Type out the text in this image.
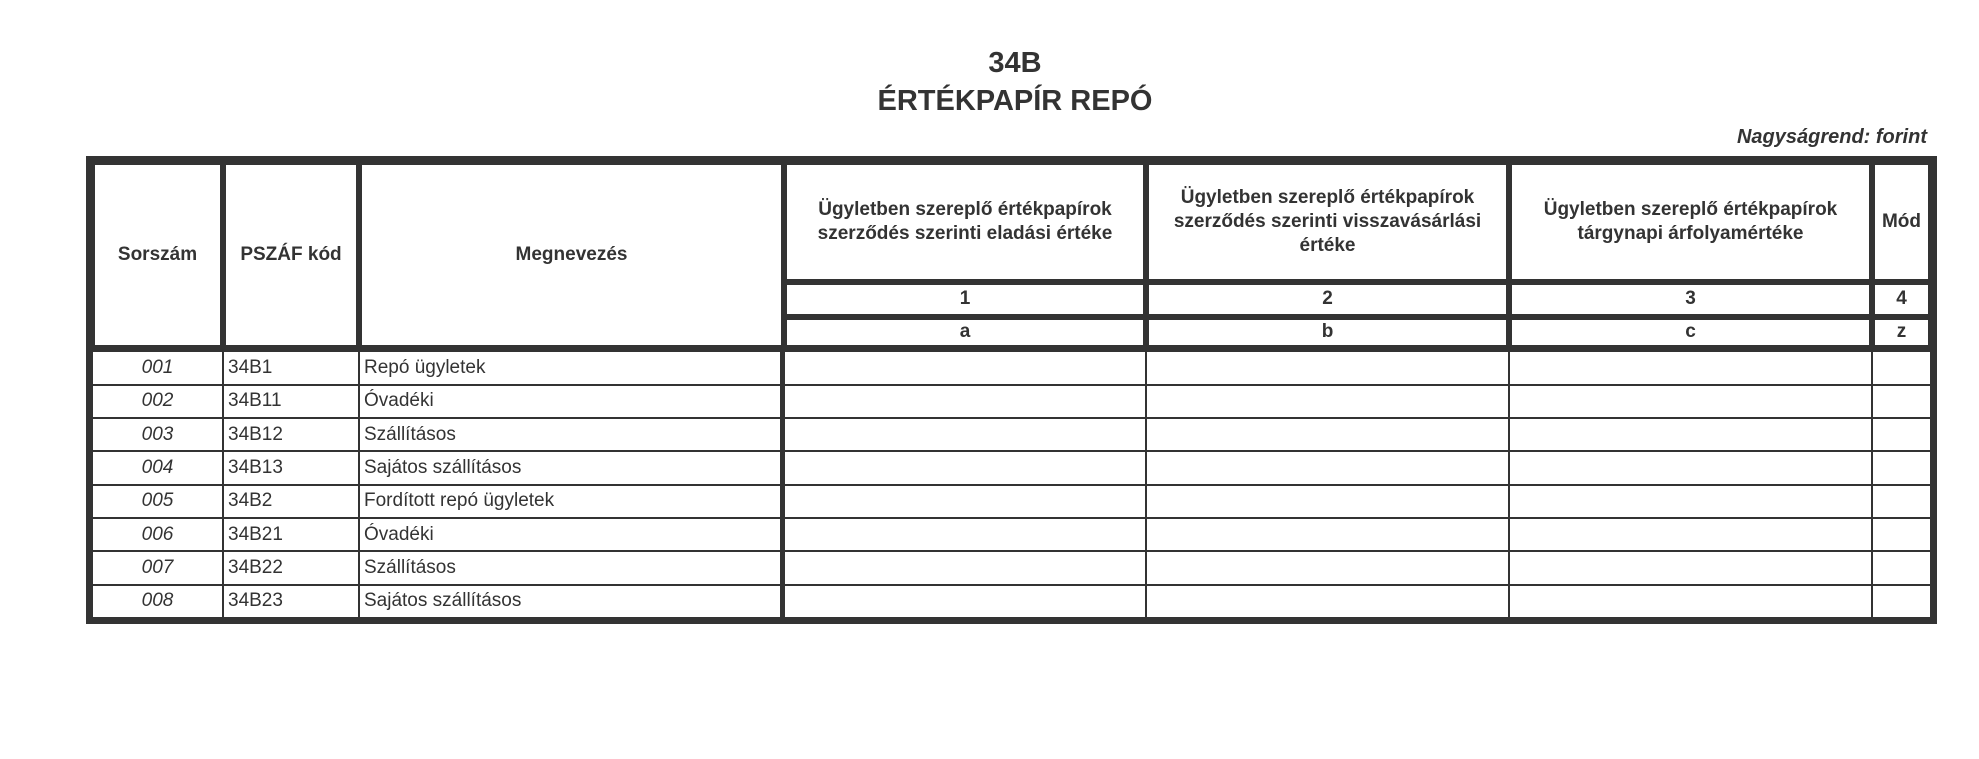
34B
ÉRTÉKPAPÍR REPÓ
Nagyságrend: forint
Sorszám	PSZÁF kód	Megnevezés	Ügyletben szereplő értékpapírok szerződés szerinti eladási értéke	Ügyletben szereplő értékpapírok szerződés szerinti visszavásárlási értéke	Ügyletben szereplő értékpapírok tárgynapi árfolyamértéke	Mód
			1	2	3	4
			a	b	c	z
001	34B1	Repó ügyletek				
002	34B11	Óvadéki				
003	34B12	Szállításos				
004	34B13	Sajátos szállításos				
005	34B2	Fordított repó ügyletek				
006	34B21	Óvadéki				
007	34B22	Szállításos				
008	34B23	Sajátos szállításos				
